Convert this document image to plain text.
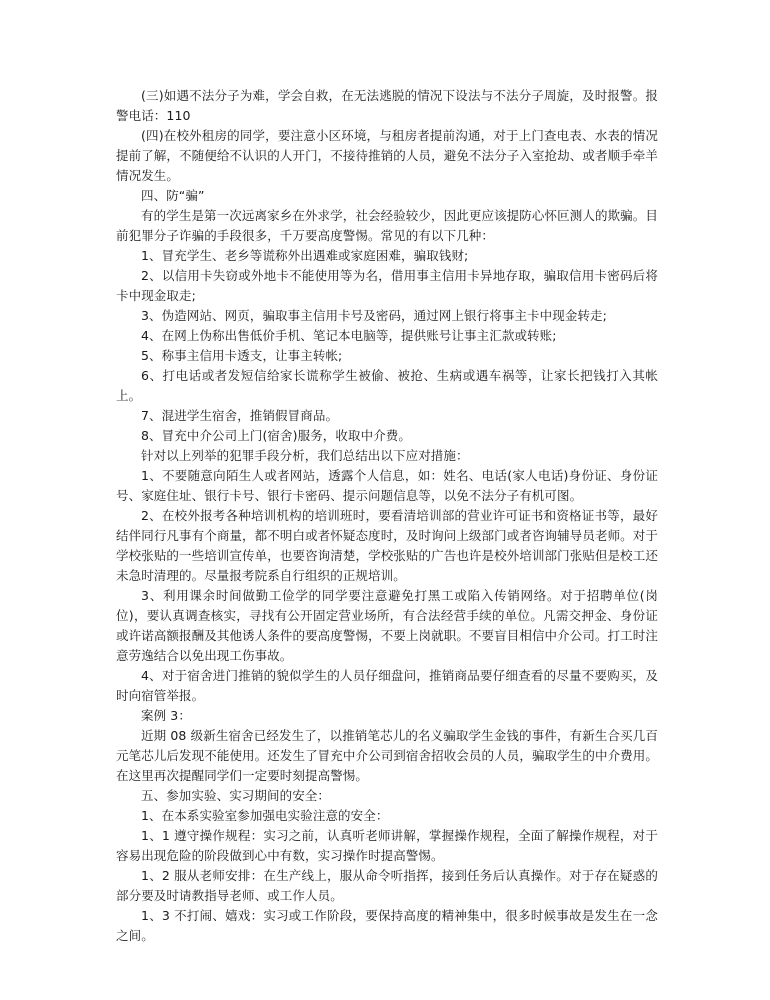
(三)如遇不法分子为难，学会自救，在无法逃脱的情况下设法与不法分子周旋，及时报警。报警电话：110

(四)在校外租房的同学，要注意小区环境，与租房者提前沟通，对于上门查电表、水表的情况提前了解，不随便给不认识的人开门，不接待推销的人员，避免不法分子入室抢劫、或者顺手牵羊情况发生。

四、防“骗”

有的学生是第一次远离家乡在外求学，社会经验较少，因此更应该提防心怀叵测人的欺骗。目前犯罪分子诈骗的手段很多，千万要高度警惕。常见的有以下几种：

1、冒充学生、老乡等谎称外出遇难或家庭困难，骗取钱财;

2、以信用卡失窃或外地卡不能使用等为名，借用事主信用卡异地存取，骗取信用卡密码后将卡中现金取走;

3、伪造网站、网页，骗取事主信用卡号及密码，通过网上银行将事主卡中现金转走;

4、在网上伪称出售低价手机、笔记本电脑等，提供账号让事主汇款或转账;

5、称事主信用卡透支，让事主转帐;

6、打电话或者发短信给家长谎称学生被偷、被抢、生病或遇车祸等，让家长把钱打入其帐上。

7、混进学生宿舍，推销假冒商品。

8、冒充中介公司上门(宿舍)服务，收取中介费。

针对以上列举的犯罪手段分析，我们总结出以下应对措施：

1、不要随意向陌生人或者网站，透露个人信息，如：姓名、电话(家人电话)身份证、身份证号、家庭住址、银行卡号、银行卡密码、提示问题信息等，以免不法分子有机可图。

2、在校外报考各种培训机构的培训班时，要看清培训部的营业许可证书和资格证书等，最好结伴同行凡事有个商量，都不明白或者怀疑态度时，及时询问上级部门或者咨询辅导员老师。对于学校张贴的一些培训宣传单，也要咨询清楚，学校张贴的广告也许是校外培训部门张贴但是校工还未急时清理的。尽量报考院系自行组织的正规培训。

3、利用课余时间做勤工俭学的同学要注意避免打黑工或陷入传销网络。对于招聘单位(岗位)，要认真调查核实，寻找有公开固定营业场所，有合法经营手续的单位。凡需交押金、身份证或许诺高额报酬及其他诱人条件的要高度警惕，不要上岗就职。不要盲目相信中介公司。打工时注意劳逸结合以免出现工伤事故。

4、对于宿舍进门推销的貌似学生的人员仔细盘问，推销商品要仔细查看的尽量不要购买，及时向宿管举报。

案例 3：

近期 08 级新生宿舍已经发生了，以推销笔芯儿的名义骗取学生金钱的事件，有新生合买几百元笔芯儿后发现不能使用。还发生了冒充中介公司到宿舍招收会员的人员，骗取学生的中介费用。在这里再次提醒同学们一定要时刻提高警惕。

五、参加实验、实习期间的安全：

1、在本系实验室参加强电实验注意的安全：

1、1 遵守操作规程：实习之前，认真听老师讲解，掌握操作规程，全面了解操作规程，对于容易出现危险的阶段做到心中有数，实习操作时提高警惕。

1、2 服从老师安排：在生产线上，服从命令听指挥，接到任务后认真操作。对于存在疑惑的部分要及时请教指导老师、或工作人员。

1、3 不打闹、嬉戏：实习或工作阶段，要保持高度的精神集中，很多时候事故是发生在一念之间。
